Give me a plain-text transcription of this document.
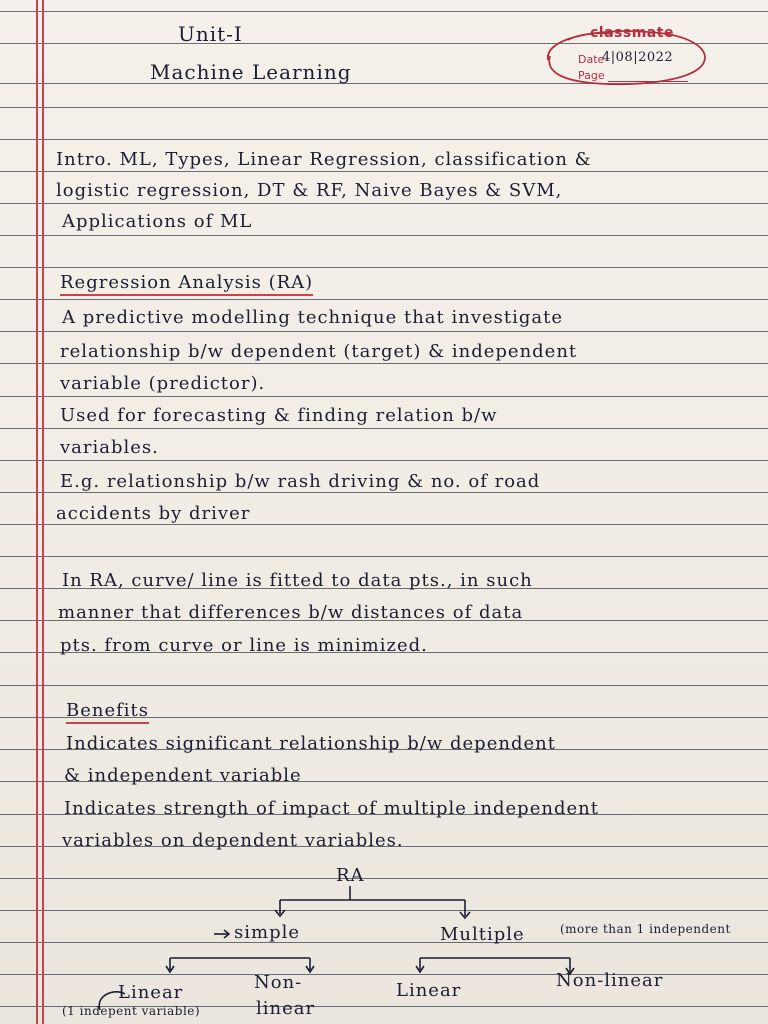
Unit-I
Machine Learning
classmate
Date
4|08|2022
Page
Intro. ML, Types, Linear Regression, classification &
logistic regression, DT & RF, Naive Bayes & SVM,
Applications of ML
Regression Analysis (RA)
A predictive modelling technique that investigate
relationship b/w dependent (target) & independent
variable (predictor).
Used for forecasting & finding relation b/w
variables.
E.g. relationship b/w rash driving & no. of road
accidents by driver
In RA, curve/ line is fitted to data pts., in such
manner that differences b/w distances of data
pts. from curve or line is minimized.
Benefits
Indicates significant relationship b/w dependent
& independent variable
Indicates strength of impact of multiple independent
variables on dependent variables.
RA
simple	Multiple	(more than 1 independent
Linear
(1 indepent variable)
Non-
linear
Linear	Non-linear
